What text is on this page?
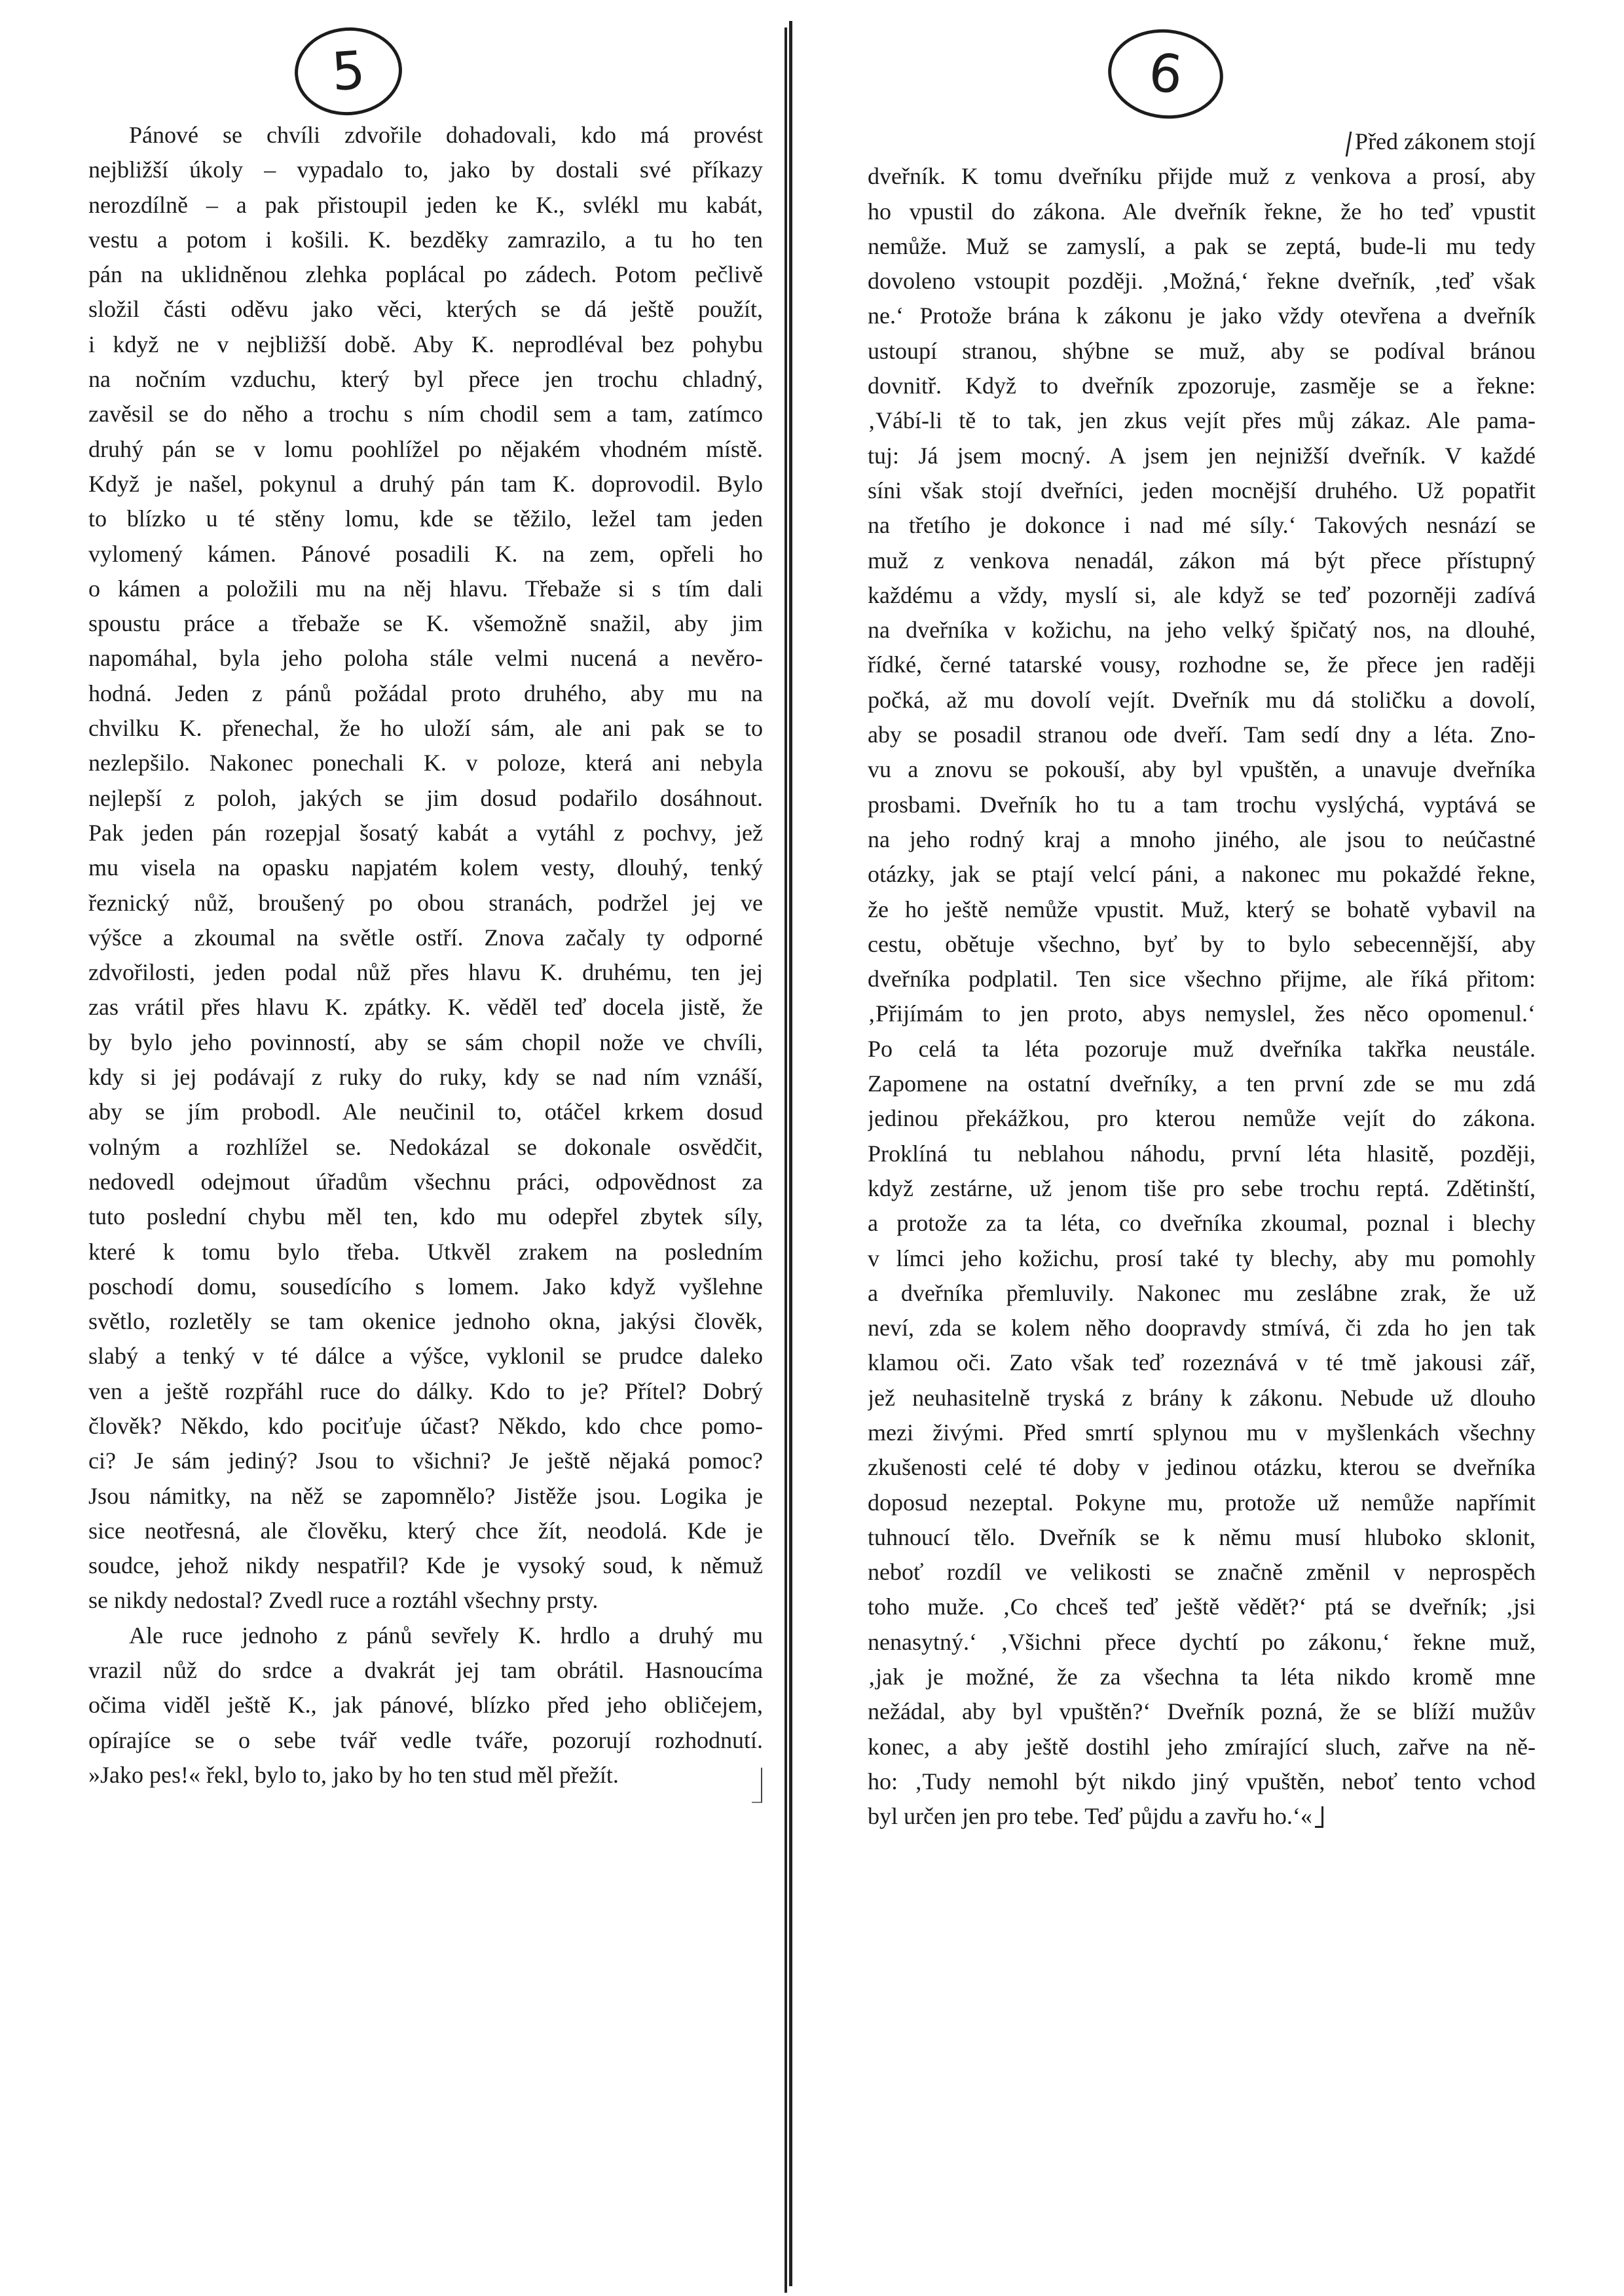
5	6
Pánové se chvíli zdvořile dohadovali, kdo má provést
nejbližší úkoly – vypadalo to, jako by dostali své příkazy
nerozdílně – a pak přistoupil jeden ke K., svlékl mu kabát,
vestu a potom i košili. K. bezděky zamrazilo, a tu ho ten
pán na uklidněnou zlehka poplácal po zádech. Potom pečlivě
složil části oděvu jako věci, kterých se dá ještě použít,
i když ne v nejbližší době. Aby K. neprodléval bez pohybu
na nočním vzduchu, který byl přece jen trochu chladný,
zavěsil se do něho a trochu s ním chodil sem a tam, zatímco
druhý pán se v lomu poohlížel po nějakém vhodném místě.
Když je našel, pokynul a druhý pán tam K. doprovodil. Bylo
to blízko u té stěny lomu, kde se těžilo, ležel tam jeden
vylomený kámen. Pánové posadili K. na zem, opřeli ho
o kámen a položili mu na něj hlavu. Třebaže si s tím dali
spoustu práce a třebaže se K. všemožně snažil, aby jim
napomáhal, byla jeho poloha stále velmi nucená a nevěro-
hodná. Jeden z pánů požádal proto druhého, aby mu na
chvilku K. přenechal, že ho uloží sám, ale ani pak se to
nezlepšilo. Nakonec ponechali K. v poloze, která ani nebyla
nejlepší z poloh, jakých se jim dosud podařilo dosáhnout.
Pak jeden pán rozepjal šosatý kabát a vytáhl z pochvy, jež
mu visela na opasku napjatém kolem vesty, dlouhý, tenký
řeznický nůž, broušený po obou stranách, podržel jej ve
výšce a zkoumal na světle ostří. Znova začaly ty odporné
zdvořilosti, jeden podal nůž přes hlavu K. druhému, ten jej
zas vrátil přes hlavu K. zpátky. K. věděl teď docela jistě, že
by bylo jeho povinností, aby se sám chopil nože ve chvíli,
kdy si jej podávají z ruky do ruky, kdy se nad ním vznáší,
aby se jím probodl. Ale neučinil to, otáčel krkem dosud
volným a rozhlížel se. Nedokázal se dokonale osvědčit,
nedovedl odejmout úřadům všechnu práci, odpovědnost za
tuto poslední chybu měl ten, kdo mu odepřel zbytek síly,
které k tomu bylo třeba. Utkvěl zrakem na posledním
poschodí domu, sousedícího s lomem. Jako když vyšlehne
světlo, rozletěly se tam okenice jednoho okna, jakýsi člověk,
slabý a tenký v té dálce a výšce, vyklonil se prudce daleko
ven a ještě rozpřáhl ruce do dálky. Kdo to je? Přítel? Dobrý
člověk? Někdo, kdo pociťuje účast? Někdo, kdo chce pomo-
ci? Je sám jediný? Jsou to všichni? Je ještě nějaká pomoc?
Jsou námitky, na něž se zapomnělo? Jistěže jsou. Logika je
sice neotřesná, ale člověku, který chce žít, neodolá. Kde je
soudce, jehož nikdy nespatřil? Kde je vysoký soud, k němuž
se nikdy nedostal? Zvedl ruce a roztáhl všechny prsty.
Ale ruce jednoho z pánů sevřely K. hrdlo a druhý mu
vrazil nůž do srdce a dvakrát jej tam obrátil. Hasnoucíma
očima viděl ještě K., jak pánové, blízko před jeho obličejem,
opírajíce se o sebe tvář vedle tváře, pozorují rozhodnutí.
»Jako pes!« řekl, bylo to, jako by ho ten stud měl přežít.
Před zákonem stojí
dveřník. K tomu dveřníku přijde muž z venkova a prosí, aby
ho vpustil do zákona. Ale dveřník řekne, že ho teď vpustit
nemůže. Muž se zamyslí, a pak se zeptá, bude-li mu tedy
dovoleno vstoupit později. ‚Možná,‘ řekne dveřník, ‚teď však
ne.‘ Protože brána k zákonu je jako vždy otevřena a dveřník
ustoupí stranou, shýbne se muž, aby se podíval bránou
dovnitř. Když to dveřník zpozoruje, zasměje se a řekne:
‚Vábí-li tě to tak, jen zkus vejít přes můj zákaz. Ale pama-
tuj: Já jsem mocný. A jsem jen nejnižší dveřník. V každé
síni však stojí dveřníci, jeden mocnější druhého. Už popatřit
na třetího je dokonce i nad mé síly.‘ Takových nesnází se
muž z venkova nenadál, zákon má být přece přístupný
každému a vždy, myslí si, ale když se teď pozorněji zadívá
na dveřníka v kožichu, na jeho velký špičatý nos, na dlouhé,
řídké, černé tatarské vousy, rozhodne se, že přece jen raději
počká, až mu dovolí vejít. Dveřník mu dá stoličku a dovolí,
aby se posadil stranou ode dveří. Tam sedí dny a léta. Zno-
vu a znovu se pokouší, aby byl vpuštěn, a unavuje dveřníka
prosbami. Dveřník ho tu a tam trochu vyslýchá, vyptává se
na jeho rodný kraj a mnoho jiného, ale jsou to neúčastné
otázky, jak se ptají velcí páni, a nakonec mu pokaždé řekne,
že ho ještě nemůže vpustit. Muž, který se bohatě vybavil na
cestu, obětuje všechno, byť by to bylo sebecennější, aby
dveřníka podplatil. Ten sice všechno přijme, ale říká přitom:
‚Přijímám to jen proto, abys nemyslel, žes něco opomenul.‘
Po celá ta léta pozoruje muž dveřníka takřka neustále.
Zapomene na ostatní dveřníky, a ten první zde se mu zdá
jedinou překážkou, pro kterou nemůže vejít do zákona.
Proklíná tu neblahou náhodu, první léta hlasitě, později,
když zestárne, už jenom tiše pro sebe trochu reptá. Zdětinští,
a protože za ta léta, co dveřníka zkoumal, poznal i blechy
v límci jeho kožichu, prosí také ty blechy, aby mu pomohly
a dveřníka přemluvily. Nakonec mu zeslábne zrak, že už
neví, zda se kolem něho doopravdy stmívá, či zda ho jen tak
klamou oči. Zato však teď rozeznává v té tmě jakousi zář,
jež neuhasitelně tryská z brány k zákonu. Nebude už dlouho
mezi živými. Před smrtí splynou mu v myšlenkách všechny
zkušenosti celé té doby v jedinou otázku, kterou se dveřníka
doposud nezeptal. Pokyne mu, protože už nemůže napřímit
tuhnoucí tělo. Dveřník se k němu musí hluboko sklonit,
neboť rozdíl ve velikosti se značně změnil v neprospěch
toho muže. ‚Co chceš teď ještě vědět?‘ ptá se dveřník; ‚jsi
nenasytný.‘ ‚Všichni přece dychtí po zákonu,‘ řekne muž,
‚jak je možné, že za všechna ta léta nikdo kromě mne
nežádal, aby byl vpuštěn?‘ Dveřník pozná, že se blíží mužův
konec, a aby ještě dostihl jeho zmírající sluch, zařve na ně-
ho: ‚Tudy nemohl být nikdo jiný vpuštěn, neboť tento vchod
byl určen jen pro tebe. Teď půjdu a zavřu ho.‘«
